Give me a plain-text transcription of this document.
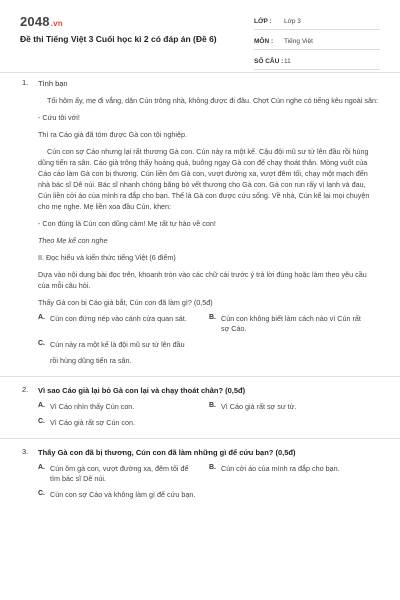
2048.vn
Đề thi Tiếng Việt 3 Cuối học kì 2 có đáp án (Đề 6)
LỚP :	Lớp 3
MÔN :	Tiếng Việt
SỐ CÂU : 11
1. Tình bạn
Tối hôm ấy, mẹ đi vắng, dặn Cún trông nhà, không được đi đâu. Chợt Cún nghe có tiếng kêu ngoài sân:
- Cứu tôi với!
Thì ra Cáo già đã tóm được Gà con tội nghiệp.
Cún con sợ Cáo nhưng lại rất thương Gà con. Cún nảy ra một kế. Cậu đội mũ sư tử lên đầu rồi hùng dũng tiến ra sân. Cáo già trông thấy hoảng quá, buông ngay Gà con để chạy thoát thân. Mòng vuốt của Cáo cào làm Gà con bị thương. Cún liền ôm Gà con, vượt đường xa, vượt đêm tối, chạy một mạch đến nhà bác sĩ Dê núi. Bác sĩ nhanh chóng băng bó vết thương cho Gà con. Gà con run rẩy vì lạnh và đau, Cún liền cởi áo của mình ra đắp cho bạn. Thế là Gà con được cứu sống. Về nhà, Cún kể lại mọi chuyện cho mẹ nghe. Mẹ liền xoa đầu Cún, khen:
- Con đúng là Cún con dũng cảm! Mẹ rất tự hào về con!
Theo Mẹ kể con nghe
II. Đọc hiểu và kiến thức tiếng Việt (6 điểm)
Dựa vào nội dung bài đọc trên, khoanh tròn vào các chữ cái trước ý trả lời đúng hoặc làm theo yêu cầu của mỗi câu hỏi.
Thấy Gà con bị Cáo già bắt, Cún con đã làm gì? (0,5đ)
A. Cún con đứng nép vào cánh cửa quan sát.	B. Cún con không biết làm cách nào vì Cún rất sợ Cáo.
C. Cún nảy ra một kế là đội mũ sư tử lên đầu
rồi hùng dũng tiến ra sân.
2. Vì sao Cáo già lại bỏ Gà con lại và chạy thoát chân? (0,5đ)
A. Vì Cáo nhìn thấy Cún con.	B. Vì Cáo già rất sợ sư tử.
C. Vì Cáo già rất sợ Cún con.
3. Thấy Gà con đã bị thương, Cún con đã làm những gì để cứu bạn? (0,5đ)
A. Cún ôm gà con, vượt đường xa, đêm tối để tìm bác sĩ Dê núi.
B. Cún cởi áo của mình ra đắp cho bạn.
C. Cún con sợ Cáo và không làm gì để cứu bạn.
